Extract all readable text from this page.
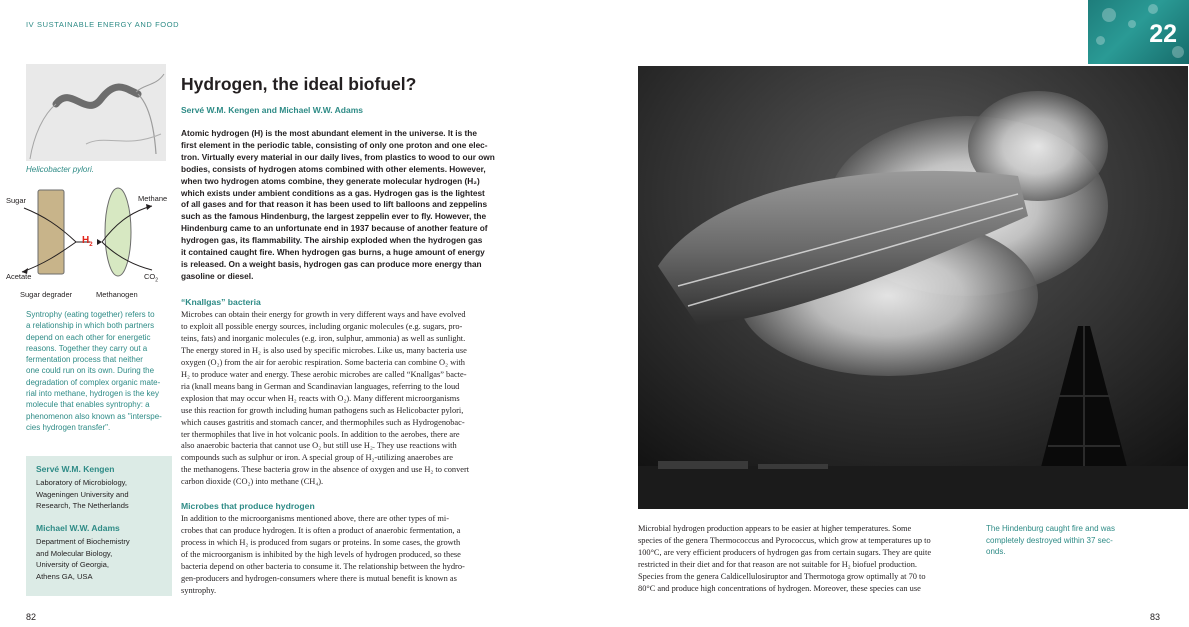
IV SUSTAINABLE ENERGY AND FOOD	22
Helicobacter pylori.
Sugar	Methane
Acetate	$CO_2$
$H_2$
Sugar degrader	Methanogen
Syntrophy (eating together) refers to
a relationship in which both partners
depend on each other for energetic
reasons. Together they carry out a
fermentation process that neither
one could run on its own. During the
degradation of complex organic mate-
rial into methane, hydrogen is the key
molecule that enables syntrophy: a
phenomenon also known as "interspe-
cies hydrogen transfer".
Servé W.M. Kengen
Laboratory of Microbiology,
Wageningen University and
Research, The Netherlands
Michael W.W. Adams
Department of Biochemistry
and Molecular Biology,
University of Georgia,
Athens GA, USA
Hydrogen, the ideal biofuel?
Servé W.M. Kengen and Michael W.W. Adams
Atomic hydrogen (H) is the most abundant element in the universe. It is the
first element in the periodic table, consisting of only one proton and one elec-
tron. Virtually every material in our daily lives, from plastics to wood to our own
bodies, consists of hydrogen atoms combined with other elements. However,
when two hydrogen atoms combine, they generate molecular hydrogen (H₂)
which exists under ambient conditions as a gas. Hydrogen gas is the lightest
of all gases and for that reason it has been used to lift balloons and zeppelins
such as the famous Hindenburg, the largest zeppelin ever to fly. However, the
Hindenburg came to an unfortunate end in 1937 because of another feature of
hydrogen gas, its flammability. The airship exploded when the hydrogen gas
it contained caught fire. When hydrogen gas burns, a huge amount of energy
is released. On a weight basis, hydrogen gas can produce more energy than
gasoline or diesel.
“Knallgas” bacteria
Microbes can obtain their energy for growth in very different ways and have evolved
to exploit all possible energy sources, including organic molecules (e.g. sugars, pro-
teins, fats) and inorganic molecules (e.g. iron, sulphur, ammonia) as well as sunlight.
The energy stored in H₂ is also used by specific microbes. Like us, many bacteria use
oxygen (O₂) from the air for aerobic respiration. Some bacteria can combine O₂ with
H₂ to produce water and energy. These aerobic microbes are called “Knallgas” bacte-
ria (knall means bang in German and Scandinavian languages, referring to the loud
explosion that may occur when H₂ reacts with O₂). Many different microorganisms
use this reaction for growth including human pathogens such as Helicobacter pylori,
which causes gastritis and stomach cancer, and thermophiles such as Hydrogenobac-
ter thermophiles that live in hot volcanic pools. In addition to the aerobes, there are
also anaerobic bacteria that cannot use O₂ but still use H₂. They use reactions with
compounds such as sulphur or iron. A special group of H₂-utilizing anaerobes are
the methanogens. These bacteria grow in the absence of oxygen and use H₂ to convert
carbon dioxide (CO₂) into methane (CH₄).
Microbes that produce hydrogen
In addition to the microorganisms mentioned above, there are other types of mi-
crobes that can produce hydrogen. It is often a product of anaerobic fermentation, a
process in which H₂ is produced from sugars or proteins. In some cases, the growth
of the microorganism is inhibited by the high levels of hydrogen produced, so these
bacteria depend on other bacteria to consume it. The relationship between the hydro-
gen-producers and hydrogen-consumers where there is mutual benefit is known as
syntrophy.
82
Microbial hydrogen production appears to be easier at higher temperatures. Some
species of the genera Thermococcus and Pyrococcus, which grow at temperatures up to
100°C, are very efficient producers of hydrogen gas from certain sugars. They are quite
restricted in their diet and for that reason are not suitable for H₂ biofuel production.
Species from the genera Caldicellulosiruptor and Thermotoga grow optimally at 70 to
80°C and produce high concentrations of hydrogen. Moreover, these species can use
The Hindenburg caught fire and was
completely destroyed within 37 sec-
onds.
83
